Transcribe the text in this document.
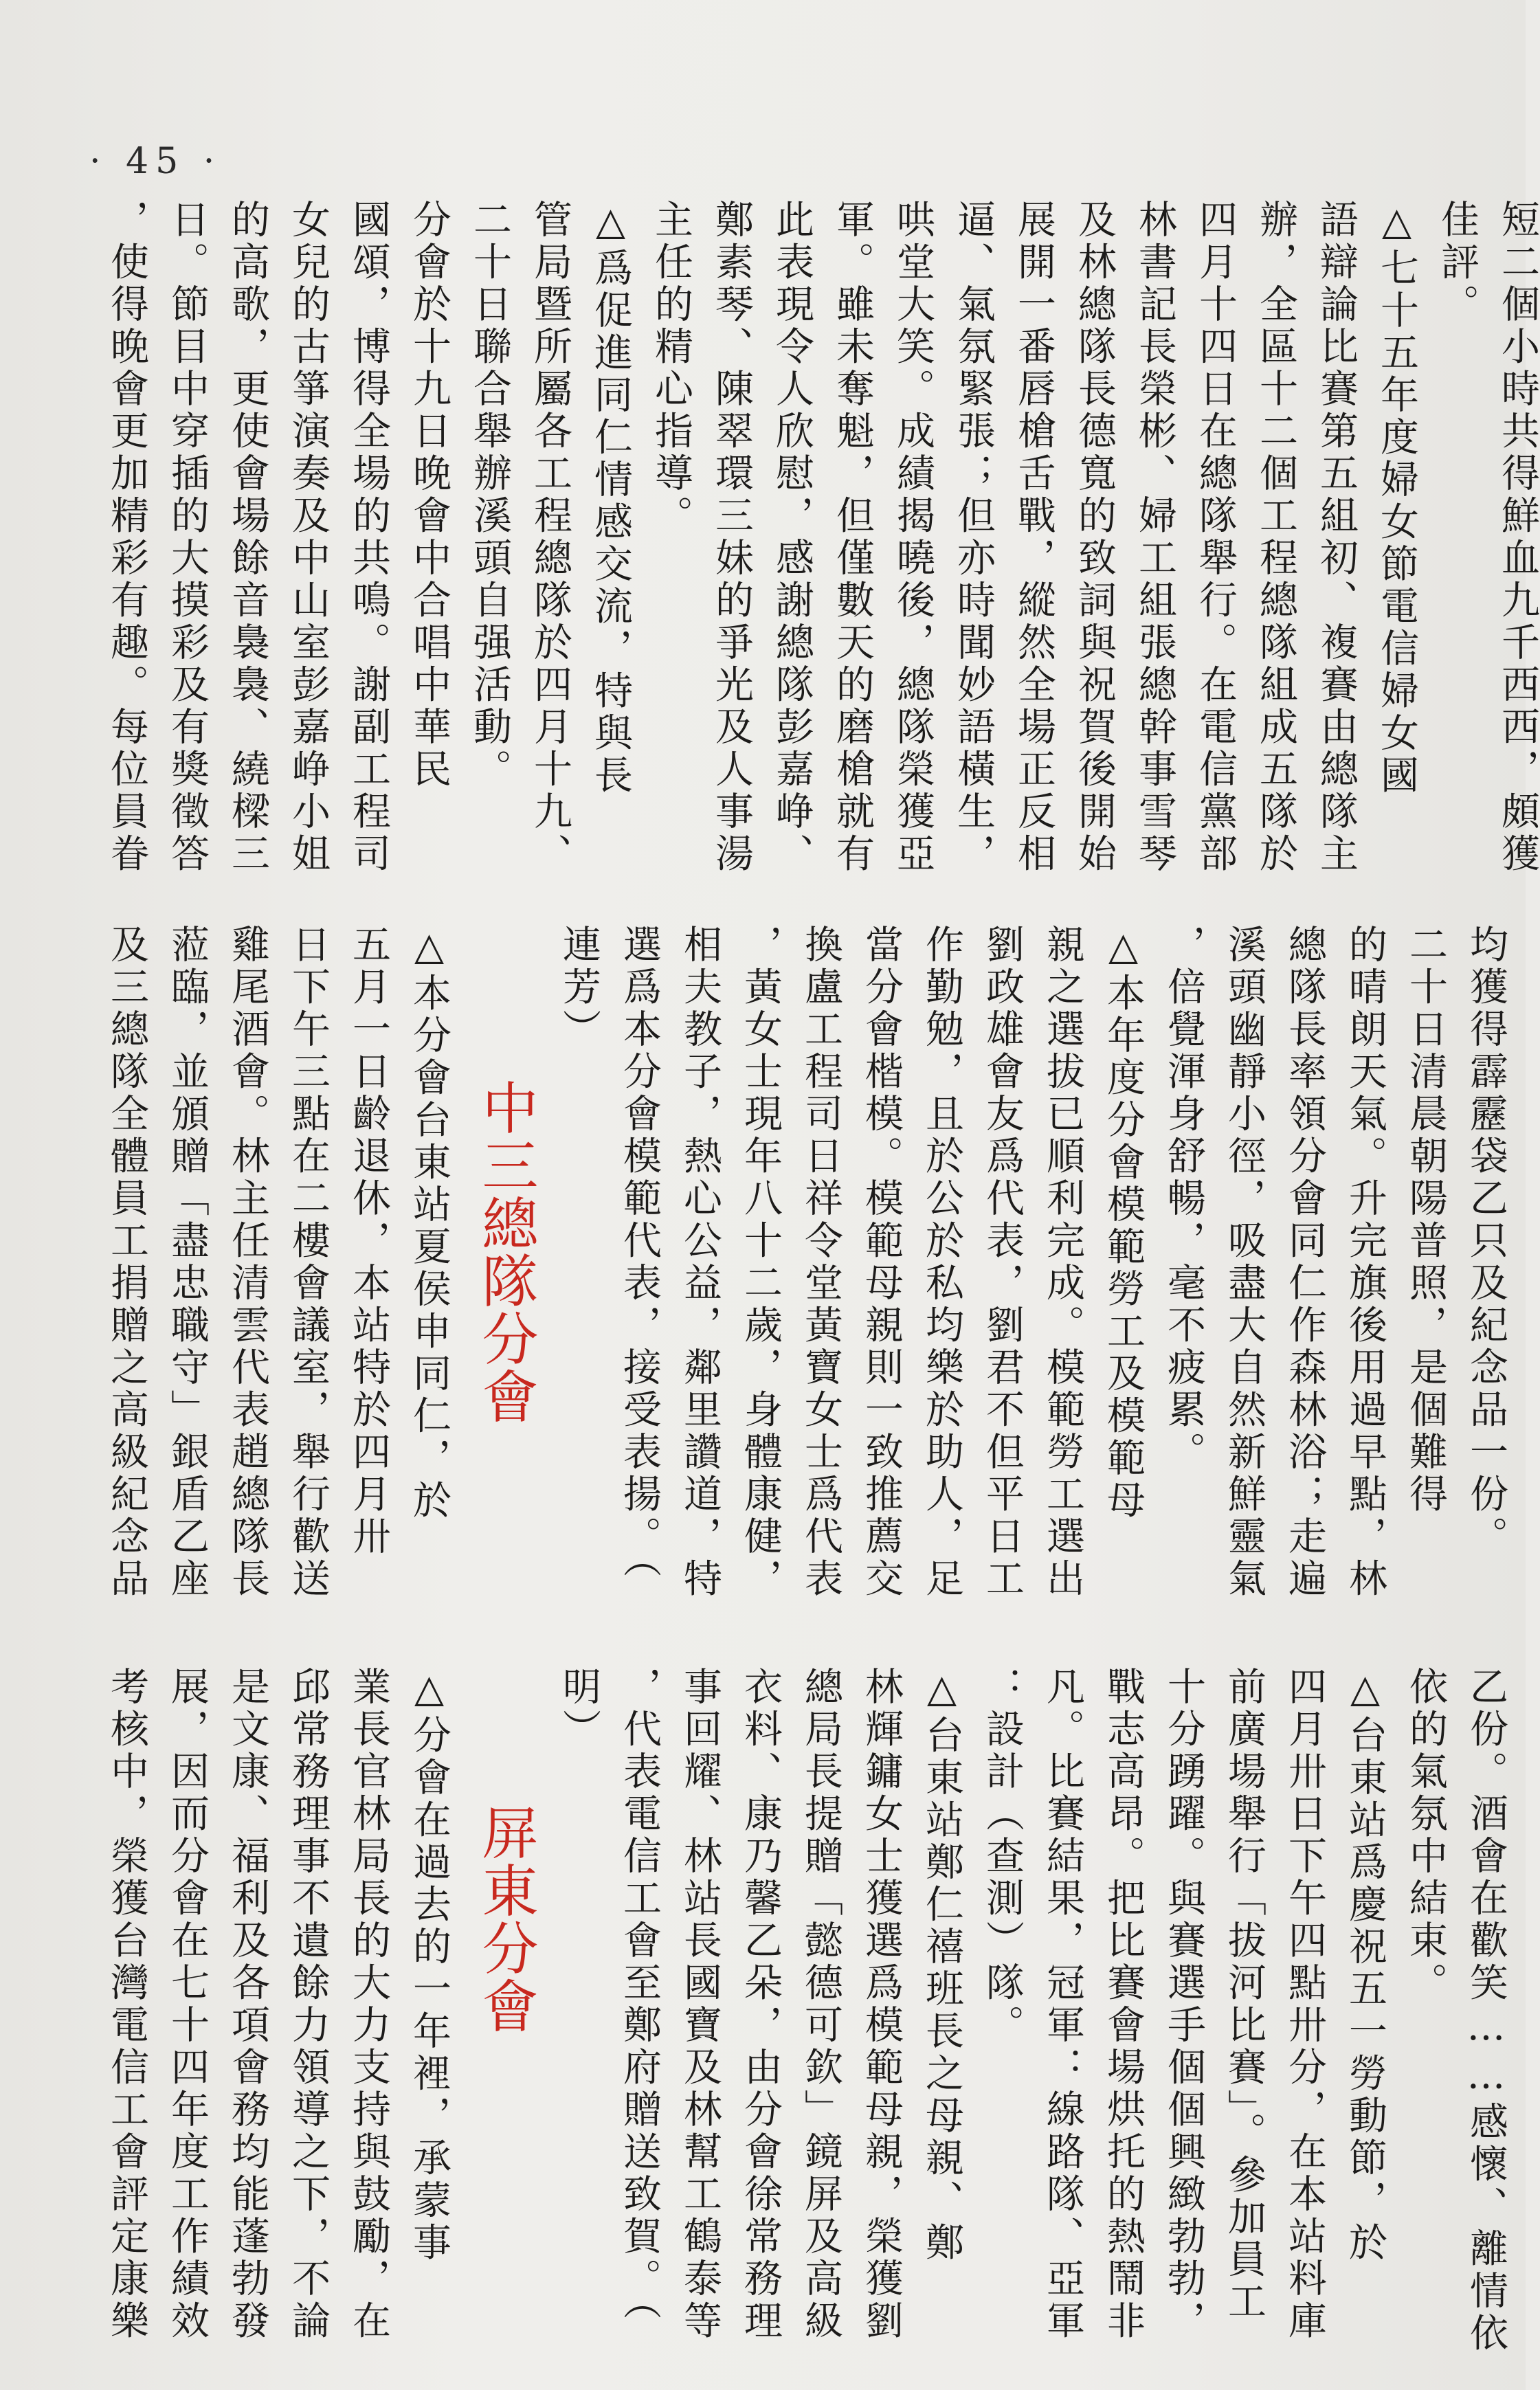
· 45 ·
短二個小時共得鮮血九千西西，頗獲
佳評。
△七十五年度婦女節電信婦女國
語辯論比賽第五組初、複賽由總隊主
辦，全區十二個工程總隊組成五隊於
四月十四日在總隊舉行。在電信黨部
林書記長榮彬、婦工組張總幹事雪琴
及林總隊長德寬的致詞與祝賀後開始
展開一番唇槍舌戰，縱然全場正反相
逼、氣氛緊張；但亦時聞妙語橫生，
哄堂大笑。成績揭曉後，總隊榮獲亞
軍。雖未奪魁，但僅數天的磨槍就有
此表現令人欣慰，感謝總隊彭嘉峥、
鄭素琴、陳翠環三妹的爭光及人事湯
主任的精心指導。
△爲促進同仁情感交流，特與長
管局暨所屬各工程總隊於四月十九、
二十日聯合舉辦溪頭自强活動。
分會於十九日晚會中合唱中華民
國頌，博得全場的共鳴。謝副工程司
女兒的古箏演奏及中山室彭嘉峥小姐
的高歌，更使會場餘音裊裊、繞樑三
日。節目中穿插的大摸彩及有獎徵答
，使得晚會更加精彩有趣。每位員眷
均獲得霹靂袋乙只及紀念品一份。
二十日清晨朝陽普照，是個難得
的晴朗天氣。升完旗後用過早點，林
總隊長率領分會同仁作森林浴；走遍
溪頭幽靜小徑，吸盡大自然新鮮靈氣
，倍覺渾身舒暢，毫不疲累。
△本年度分會模範勞工及模範母
親之選拔已順利完成。模範勞工選出
劉政雄會友爲代表，劉君不但平日工
作勤勉，且於公於私均樂於助人，足
當分會楷模。模範母親則一致推薦交
換盧工程司日祥令堂黃寶女士爲代表
，黃女士現年八十二歲，身體康健，
相夫教子，熱心公益，鄰里讚道，特
選爲本分會模範代表，接受表揚。（
連芳）
△本分會台東站夏侯申同仁，於
五月一日齡退休，本站特於四月卅
日下午三點在二樓會議室，舉行歡送
雞尾酒會。林主任清雲代表趙總隊長
蒞臨，並頒贈「盡忠職守」銀盾乙座
及三總隊全體員工捐贈之高級紀念品	中三總隊分會
乙份。酒會在歡笑……感懷、離情依
依的氣氛中結束。
△台東站爲慶祝五一勞動節，於
四月卅日下午四點卅分，在本站料庫
前廣場舉行「拔河比賽」。參加員工
十分踴躍。與賽選手個個興緻勃勃，
戰志高昂。把比賽會場烘托的熱鬧非
凡。比賽結果，冠軍：線路隊、亞軍
：設計（查測）隊。
△台東站鄭仁禧班長之母親、鄭
林輝鏞女士獲選爲模範母親，榮獲劉
總局長提贈「懿德可欽」鏡屏及高級
衣料、康乃馨乙朵，由分會徐常務理
事回耀、林站長國寶及林幫工鶴泰等
，代表電信工會至鄭府贈送致賀。（
明）
△分會在過去的一年裡，承蒙事
業長官林局長的大力支持與鼓勵，在
邱常務理事不遺餘力領導之下，不論
是文康、福利及各項會務均能蓬勃發
展，因而分會在七十四年度工作績效
考核中，榮獲台灣電信工會評定康樂	屏東分會
